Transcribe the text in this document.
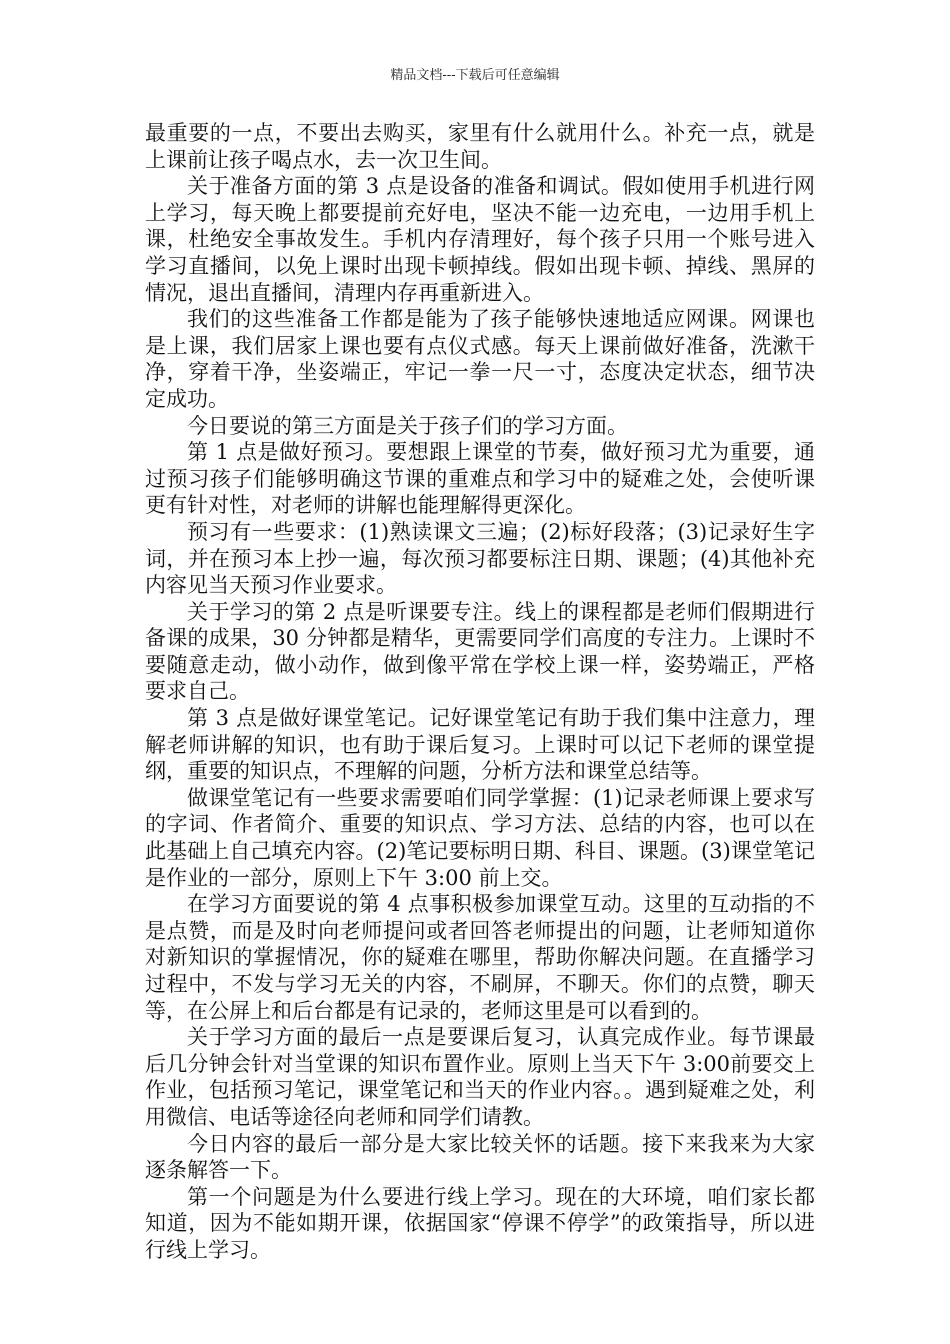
精品文档---下载后可任意编辑

最重要的一点，不要出去购买，家里有什么就用什么。补充一点，就是上课前让孩子喝点水，去一次卫生间。

关于准备方面的第 3 点是设备的准备和调试。假如使用手机进行网上学习，每天晚上都要提前充好电，坚决不能一边充电，一边用手机上课，杜绝安全事故发生。手机内存清理好，每个孩子只用一个账号进入学习直播间，以免上课时出现卡顿掉线。假如出现卡顿、掉线、黑屏的情况，退出直播间，清理内存再重新进入。

我们的这些准备工作都是能为了孩子能够快速地适应网课。网课也是上课，我们居家上课也要有点仪式感。每天上课前做好准备，洗漱干净，穿着干净，坐姿端正，牢记一拳一尺一寸，态度决定状态，细节决定成功。

今日要说的第三方面是关于孩子们的学习方面。

第 1 点是做好预习。要想跟上课堂的节奏，做好预习尤为重要，通过预习孩子们能够明确这节课的重难点和学习中的疑难之处，会使听课更有针对性，对老师的讲解也能理解得更深化。

预习有一些要求：(1)熟读课文三遍；(2)标好段落；(3)记录好生字词，并在预习本上抄一遍，每次预习都要标注日期、课题；(4)其他补充内容见当天预习作业要求。

关于学习的第 2 点是听课要专注。线上的课程都是老师们假期进行备课的成果，30 分钟都是精华，更需要同学们高度的专注力。上课时不要随意走动，做小动作，做到像平常在学校上课一样，姿势端正，严格要求自己。

第 3 点是做好课堂笔记。记好课堂笔记有助于我们集中注意力，理解老师讲解的知识，也有助于课后复习。上课时可以记下老师的课堂提纲，重要的知识点，不理解的问题，分析方法和课堂总结等。

做课堂笔记有一些要求需要咱们同学掌握：(1)记录老师课上要求写的字词、作者简介、重要的知识点、学习方法、总结的内容，也可以在此基础上自己填充内容。(2)笔记要标明日期、科目、课题。(3)课堂笔记是作业的一部分，原则上下午 3:00 前上交。

在学习方面要说的第 4 点事积极参加课堂互动。这里的互动指的不是点赞，而是及时向老师提问或者回答老师提出的问题，让老师知道你对新知识的掌握情况，你的疑难在哪里，帮助你解决问题。在直播学习过程中，不发与学习无关的内容，不刷屏，不聊天。你们的点赞，聊天等，在公屏上和后台都是有记录的，老师这里是可以看到的。

关于学习方面的最后一点是要课后复习，认真完成作业。每节课最后几分钟会针对当堂课的知识布置作业。原则上当天下午 3:00前要交上作业，包括预习笔记，课堂笔记和当天的作业内容。。遇到疑难之处，利用微信、电话等途径向老师和同学们请教。

今日内容的最后一部分是大家比较关怀的话题。接下来我来为大家逐条解答一下。

第一个问题是为什么要进行线上学习。现在的大环境，咱们家长都知道，因为不能如期开课，依据国家“停课不停学”的政策指导，所以进行线上学习。
